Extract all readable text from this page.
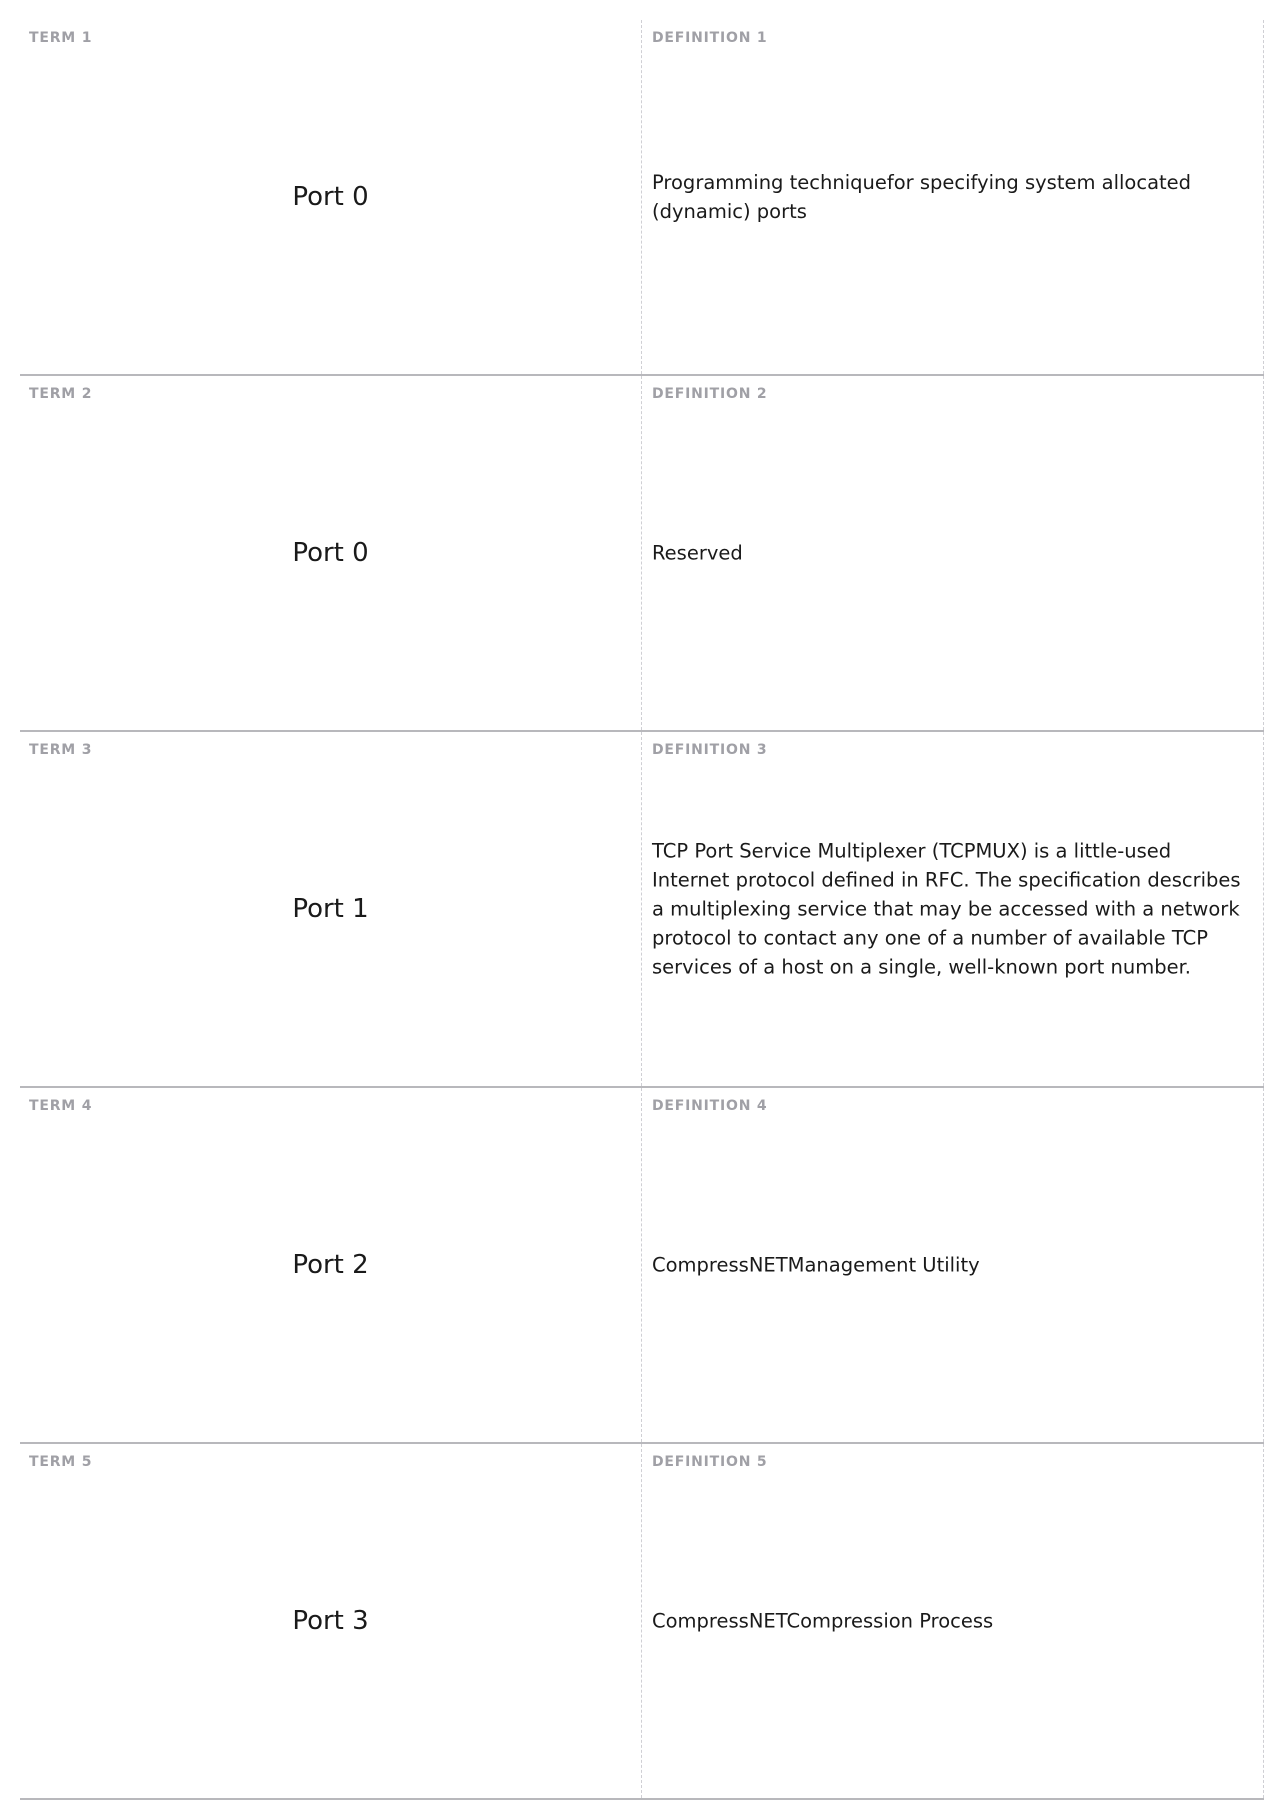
TERM 1
Port 0
DEFINITION 1
Programming techniquefor specifying system allocated (dynamic) ports
TERM 2
Port 0
DEFINITION 2
Reserved
TERM 3
Port 1
DEFINITION 3
TCP Port Service Multiplexer (TCPMUX) is a little-used Internet protocol defined in RFC. The specification describes a multiplexing service that may be accessed with a network protocol to contact any one of a number of available TCP services of a host on a single, well-known port number.
TERM 4
Port 2
DEFINITION 4
CompressNETManagement Utility
TERM 5
Port 3
DEFINITION 5
CompressNETCompression Process
